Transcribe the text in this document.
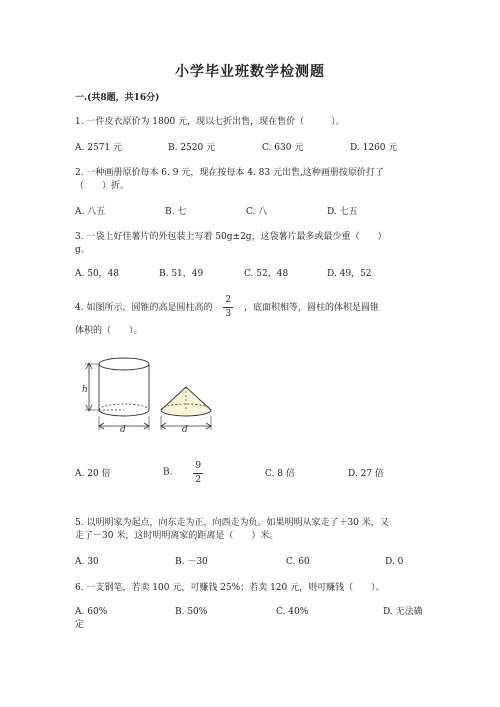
小学毕业班数学检测题
一.(共8题，共16分)
1. 一件皮衣原价为 1800 元，现以七折出售，现在售价（　　　）。
A. 2571 元	B. 2520 元	C. 630 元	D. 1260 元
2. 一种画册原价每本 6. 9 元，现在按每本 4. 83 元出售,这种画册按原价打了
（　　）折。
A. 八五	B. 七	C. 八	D. 七五
3. 一袋上好佳薯片的外包装上写着 50g±2g，这袋薯片最多或最少重（　　）
g。
A. 50，48	B. 51，49	C. 52，48	D. 49，52
4. 如图所示，圆锥的高是圆柱高的 $\frac{2}{3}$ ，底面积相等，圆柱的体积是圆锥
体积的（　　）。
h
d	d
A. 20 倍	B. $\frac{9}{2}$	C. 8 倍	D. 27 倍
5. 以明明家为起点，向东走为正，向西走为负。如果明明从家走了＋30 米，又
走了－30 米，这时明明离家的距离是（　　）米。
A. 30	B. －30	C. 60	D. 0
6. 一支钢笔，若卖 100 元，可赚钱 25%；若卖 120 元，则可赚钱（　　）。
A. 60%	B. 50%	C. 40%	D. 无法确
定
